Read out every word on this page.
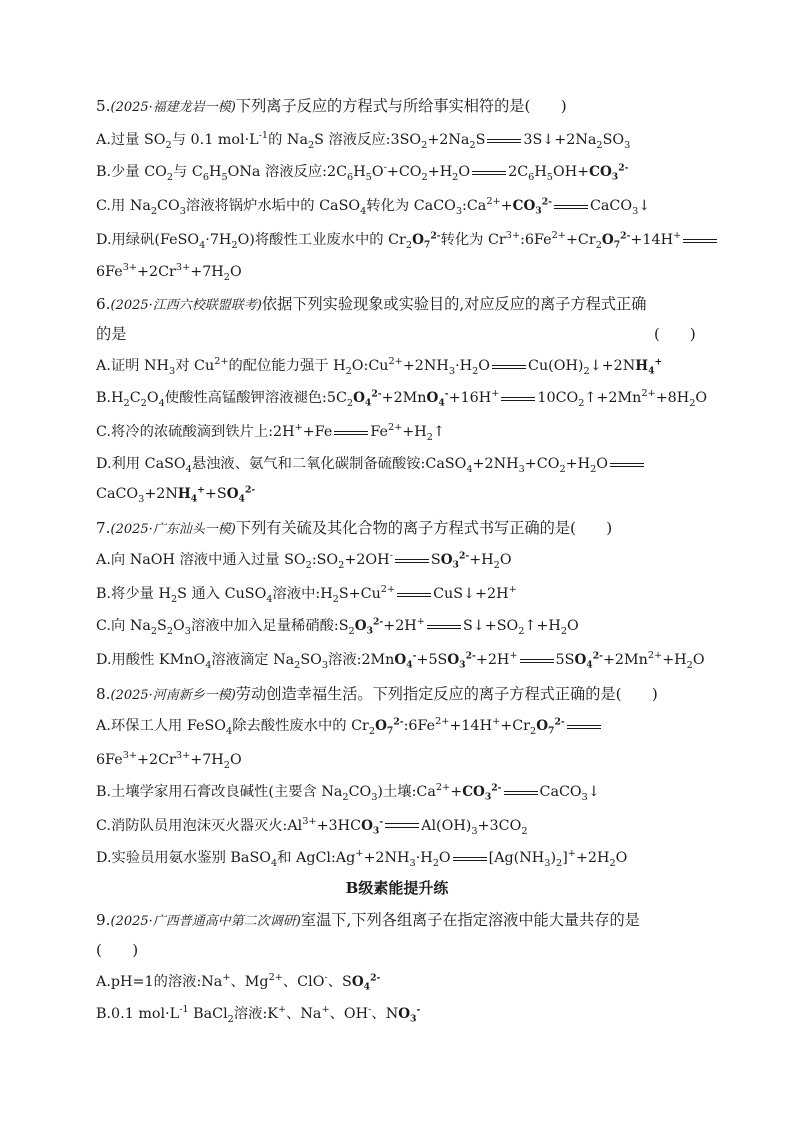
5.(2025·福建龙岩一模)下列离子反应的方程式与所给事实相符的是(　　)
A.过量 $SO_2$与 0.1 $mol\cdot L^{-1}$的 $Na_2S$ 溶液反应$:3SO_2+2Na_2S$	$3S↓+2Na_2SO_3$
B.少量 $CO_2$与 $C_6H_5ONa$ 溶液反应$:2C_6H_5O^-+CO_2+H_2O$	$2C_6H_5OH+CO_3^{2-}$
C.用 $Na_2CO_3$溶液将锅炉水垢中的 CaSO$_4$转化为 $CaCO_3:Ca^{2+}+CO_3^{2-}$	CaCO$_3$↓
D.用绿矾$(FeSO_4\cdot 7H_2O)$将酸性工业废水中的 $Cr_2O_7^{2-}$转化为 $Cr^{3+}:6Fe^{2+}+Cr_2O_7^{2-}+14H^+$
$6Fe^{3+}+2Cr^{3+}+7H_2O$
6.(2025·江西六校联盟联考)依据下列实验现象或实验目的,对应反应的离子方程式正确
的是	(　　)
A.证明 $NH_3$对 $Cu^{2+}$的配位能力强于 $H_2O:Cu^{2+}+2NH_3\cdot H_2O$	$Cu(OH)_2↓+2NH_4^+$
$B.H_2C_2O_4$使酸性高锰酸钾溶液褪色$:5C_2O_4^{2-}+2MnO_4^-+16H^+$	$10CO_2↑+2Mn^{2+}+8H_2O$
C.将冷的浓硫酸滴到铁片上:2H++Fe	$Fe^{2+}+H_2↑$
D.利用 CaSO$_4$悬浊液、氨气和二氧化碳制备硫酸铵$:CaSO_4+2NH_3+CO_2+H_2O$
$CaCO_3+2NH_4^++SO_4^{2-}$
7.(2025·广东汕头一模)下列有关硫及其化合物的离子方程式书写正确的是(　　)
A.向 NaOH 溶液中通入过量 $SO_2:SO_2+2OH^-$	$SO_3^{2-}+H_2O$
B.将少量 $H_2S$ 通入 CuSO$_4$溶液中$:H_2S+Cu^{2+}$	CuS↓+2H+
C.向 $Na_2S_2O_3$溶液中加入足量稀硝酸$:S_2O_3^{2-}+2H^+$	$S↓+SO_2↑+H_2O$
D.用酸性 KMnO$_4$溶液滴定 $Na_2SO_3$溶液$:2MnO_4^-+5SO_3^{2-}+2H^+$	$5SO_4^{2-}+2Mn^{2+}+H_2O$
8.(2025·河南新乡一模)劳动创造幸福生活。下列指定反应的离子方程式正确的是(　　)
A.环保工人用 FeSO$_4$除去酸性废水中的 $Cr_2O_7^{2-}:6Fe^{2+}+14H^++Cr_2O_7^{2-}$
$6Fe^{3+}+2Cr^{3+}+7H_2O$
B.土壤学家用石膏改良碱性(主要含 $Na_2CO_3$)土壤$:Ca^{2+}+CO_3^{2-}$	CaCO$_3$↓
C.消防队员用泡沫灭火器灭火$:Al^{3+}+3HCO_3^-$	$Al(OH)_3+3CO_2$
D.实验员用氨水鉴别 BaSO$_4$和 $AgCl:Ag^++2NH_3\cdot H_2O$	$[Ag(NH_3)_2]^++2H_2O$
B级素能提升练
9.(2025·广西普通高中第二次调研)室温下,下列各组离子在指定溶液中能大量共存的是
(　　)
A.pH=1的溶液:Na+、$Mg^{2+}$、ClO-、$SO_4^{2-}$
B.0.1 $mol\cdot L^{-1}$ BaCl$_2$溶液:K+、Na+、OH-、$NO_3^-$
